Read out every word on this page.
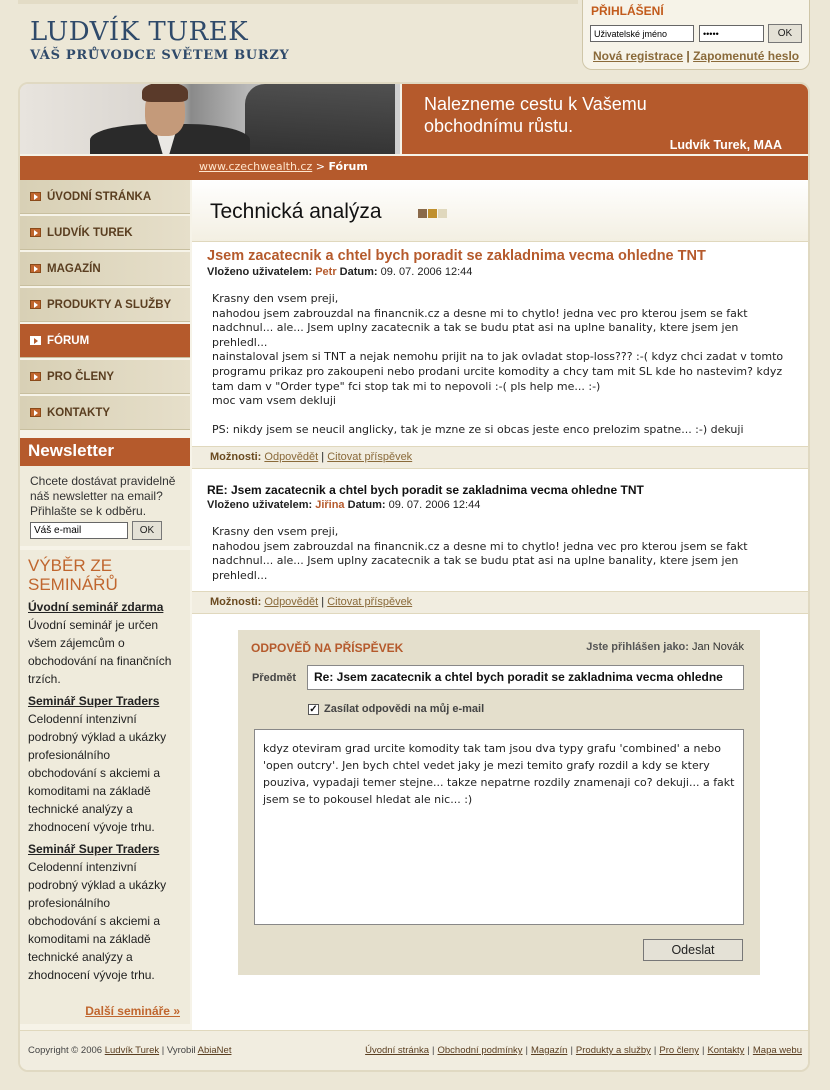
LUDVÍK TUREK
VÁŠ PRŮVODCE SVĚTEM BURZY
PŘIHLÁŠENÍ
Uživatelské jméno
•••••
OK
Nová registrace | Zapomenuté heslo
Nalezneme cestu k Vašemu
obchodnímu růstu.
Ludvík Turek, MAA
www.czechwealth.cz > Fórum
ÚVODNÍ STRÁNKA
LUDVÍK TUREK
MAGAZÍN
PRODUKTY A SLUŽBY
FÓRUM
PRO ČLENY
KONTAKTY
Newsletter
Chcete dostávat pravidelně náš newsletter na email? Přihlašte se k odběru.
Váš e-mail
OK
VÝBĚR ZE
SEMINÁŘŮ
Úvodní seminář zdarma
Úvodní seminář je určen všem zájemcům o obchodování na finančních trzích.
Seminář Super Traders
Celodenní intenzivní podrobný výklad a ukázky profesionálního obchodování s akciemi a komoditami na základě technické analýzy a zhodnocení vývoje trhu.
Seminář Super Traders
Celodenní intenzivní podrobný výklad a ukázky profesionálního obchodování s akciemi a komoditami na základě technické analýzy a zhodnocení vývoje trhu.
Další semináře »
Technická analýza
Jsem zacatecnik a chtel bych poradit se zakladnima vecma ohledne TNT
Vloženo uživatelem: Petr Datum: 09. 07. 2006 12:44
Krasny den vsem preji,
nahodou jsem zabrouzdal na financnik.cz a desne mi to chytlo! jedna vec pro kterou jsem se fakt nadchnul... ale... Jsem uplny zacatecnik a tak se budu ptat asi na uplne banality, ktere jsem jen prehledl...
nainstaloval jsem si TNT a nejak nemohu prijit na to jak ovladat stop-loss??? :-( kdyz chci zadat v tomto programu prikaz pro zakoupeni nebo prodani urcite komodity a chcy tam mit SL kde ho nastevim? kdyz tam dam v "Order type" fci stop tak mi to nepovoli :-( pls help me... :-)
moc vam vsem dekluji

PS: nikdy jsem se neucil anglicky, tak je mzne ze si obcas jeste enco prelozim spatne... :-) dekuji
Možnosti: Odpovědět | Citovat příspěvek
RE: Jsem zacatecnik a chtel bych poradit se zakladnima vecma ohledne TNT
Vloženo uživatelem: Jiřina Datum: 09. 07. 2006 12:44
Krasny den vsem preji,
nahodou jsem zabrouzdal na financnik.cz a desne mi to chytlo! jedna vec pro kterou jsem se fakt nadchnul... ale... Jsem uplny zacatecnik a tak se budu ptat asi na uplne banality, ktere jsem jen prehledl...
Možnosti: Odpovědět | Citovat příspěvek
ODPOVĚĎ NA PŘÍSPĚVEK	Jste přihlášen jako: Jan Novák
Předmět	Re: Jsem zacatecnik a chtel bych poradit se zakladnima vecma ohledne
✓ Zasílat odpovědi na můj e-mail
kdyz oteviram grad urcite komodity tak tam jsou dva typy grafu 'combined' a nebo 'open outcry'. Jen bych chtel vedet jaky je mezi temito grafy rozdil a kdy se ktery pouziva, vypadaji temer stejne... takze nepatrne rozdily znamenaji co? dekuji... a fakt jsem se to pokousel hledat ale nic... :)
Odeslat
Copyright © 2006 Ludvík Turek | Vyrobil AbiaNet	Úvodní stránka | Obchodní podmínky | Magazín | Produkty a služby | Pro členy | Kontakty | Mapa webu
